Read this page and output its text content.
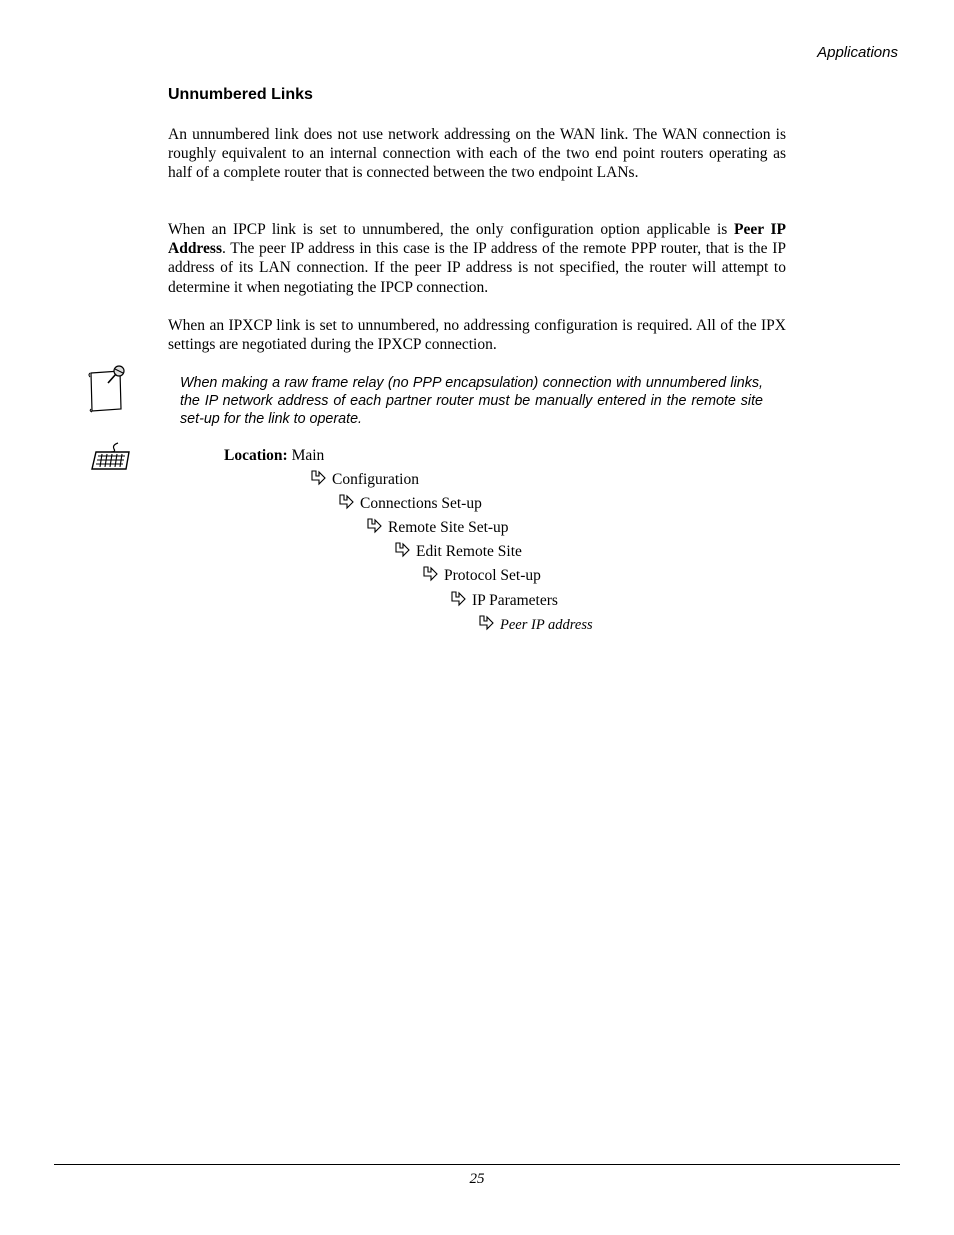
Applications
Unnumbered Links

An unnumbered link does not use network addressing on the WAN link. The WAN connection is roughly equivalent to an internal connection with each of the two end point routers operating as half of a complete router that is connected between the two endpoint LANs.

When an IPCP link is set to unnumbered, the only configuration option applicable is Peer IP Address. The peer IP address in this case is the IP address of the remote PPP router, that is the IP address of its LAN connection. If the peer IP address is not specified, the router will attempt to determine it when negotiating the IPCP connection.

When an IPXCP link is set to unnumbered, no addressing configuration is required. All of the IPX settings are negotiated during the IPXCP connection.

When making a raw frame relay (no PPP encapsulation) connection with unnumbered links, the IP network address of each partner router must be manually entered in the remote site set-up for the link to operate.

Location: Main
Configuration
Connections Set-up
Remote Site Set-up
Edit Remote Site
Protocol Set-up
IP Parameters
Peer IP address
25
